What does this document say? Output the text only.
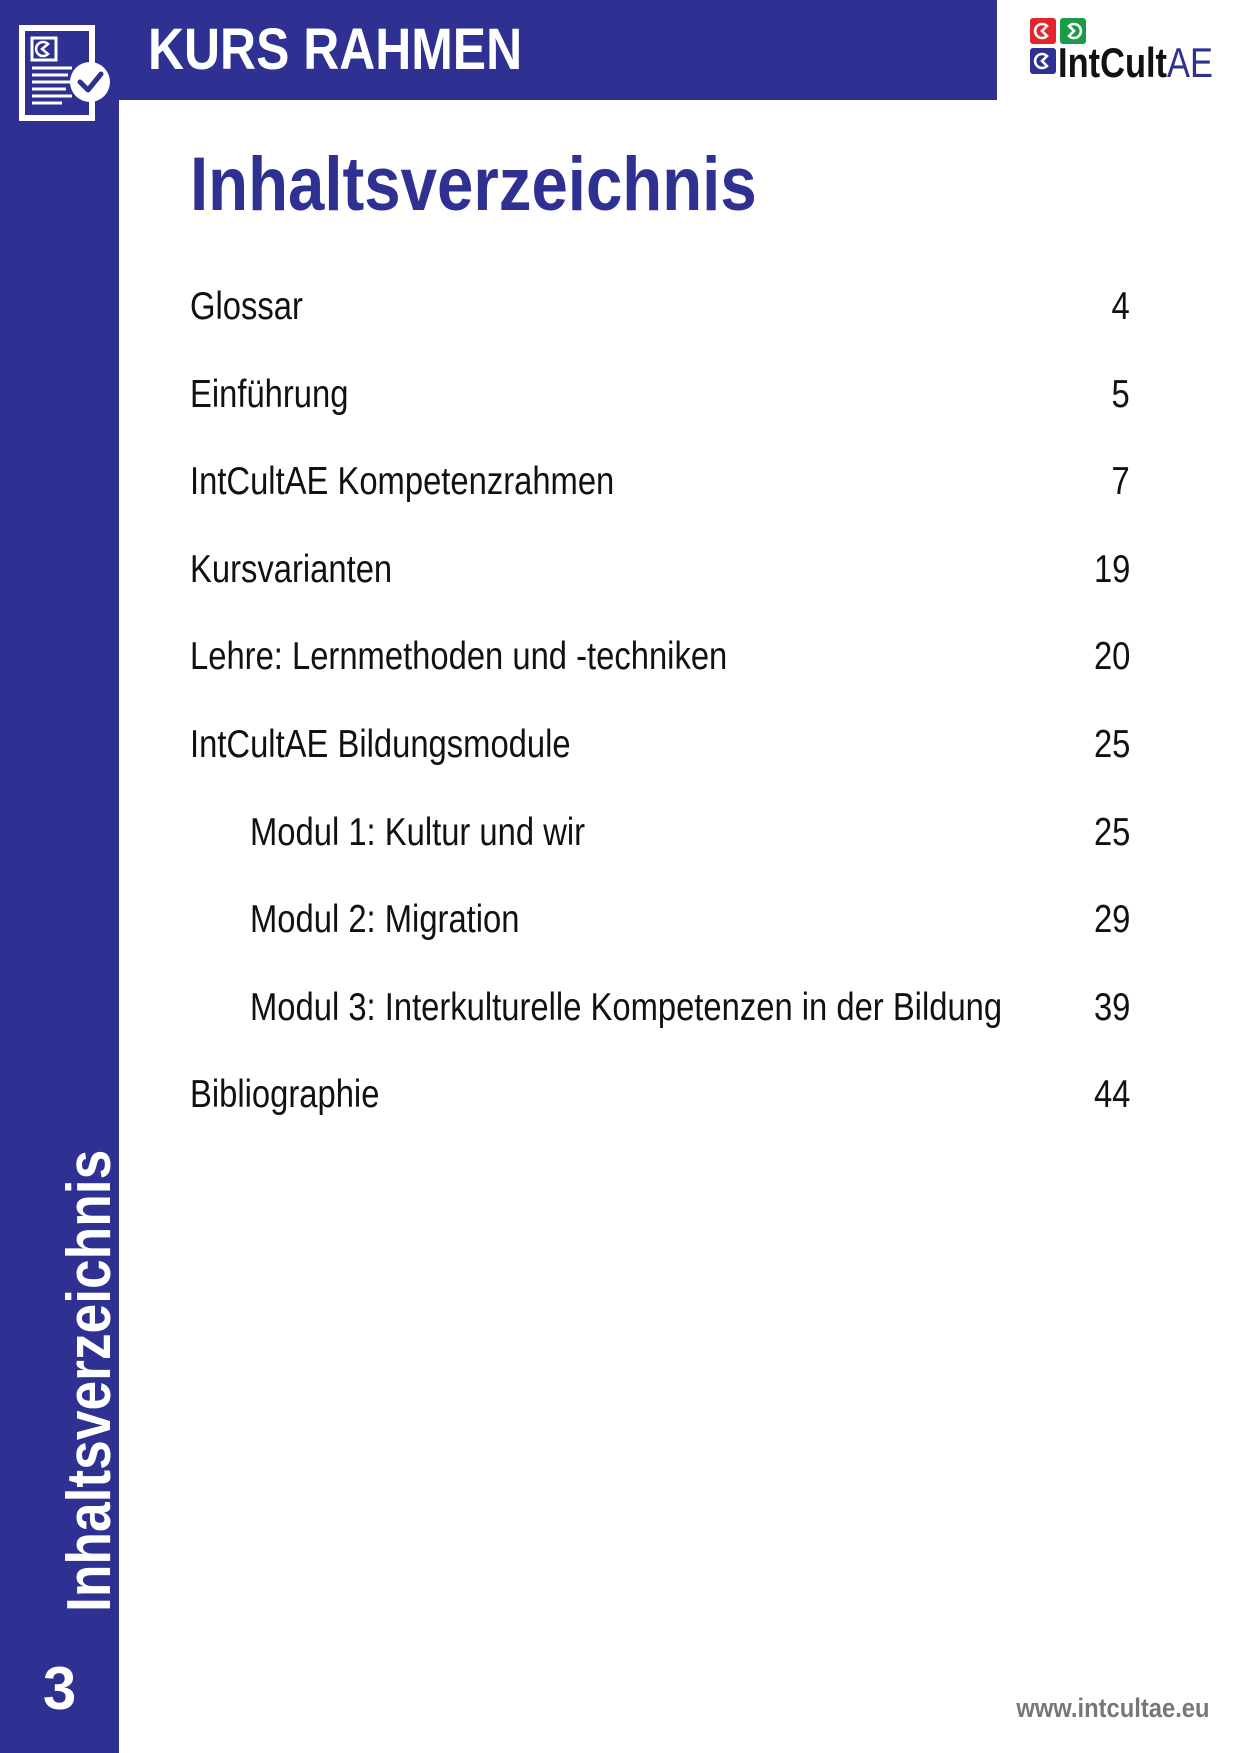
KURS RAHMEN	IntCultAE
Inhaltsverzeichnis
Glossar	4
Einführung	5
IntCultAE Kompetenzrahmen	7
Kursvarianten	19
Lehre: Lernmethoden und -techniken	20
IntCultAE Bildungsmodule	25
Modul 1: Kultur und wir	25
Modul 2: Migration	29
Modul 3: Interkulturelle Kompetenzen in der Bildung 39
Bibliographie	44
Inhaltsverzeichnis
3	www.intcultae.eu
